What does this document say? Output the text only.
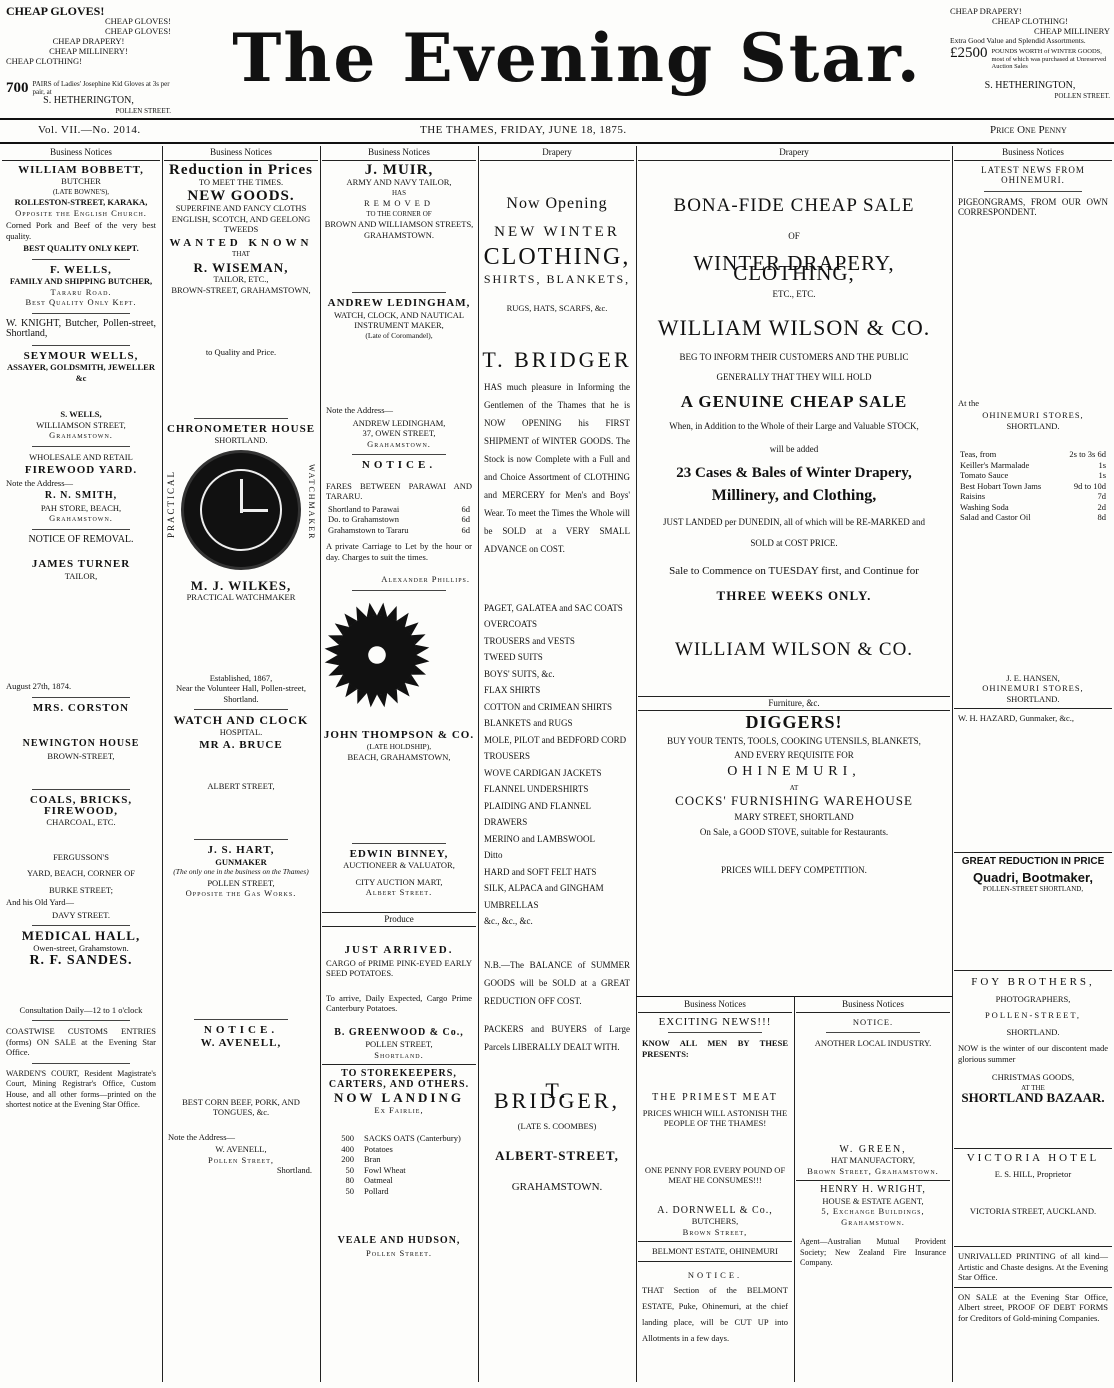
CHEAP GLOVES!
CHEAP GLOVES!
CHEAP GLOVES!
CHEAP DRAPERY!
CHEAP MILLINERY!
CHEAP CLOTHING!
700 PAIRS of Ladies' Josephine Kid Gloves at 3s per pair, at
S. HETHERINGTON,
POLLEN STREET.
The Evening Star.
CHEAP DRAPERY!
CHEAP CLOTHING!
CHEAP MILLINERY
Extra Good Value and Splendid Assortments.
£2500 POUNDS WORTH of WINTER GOODS, most of which was purchased at Unreserved Auction Sales
S. HETHERINGTON,
POLLEN STREET.
Vol. VII.—No. 2014.	THE THAMES, FRIDAY, JUNE 18, 1875.	Price One Penny
Business Notices
WILLIAM BOBBETT,
BUTCHER
(LATE BOWNE'S),
ROLLESTON-STREET, KARAKA,
Opposite the English Church.
Corned Pork and Beef of the very best quality.
BEST QUALITY ONLY KEPT.
F. WELLS,
FAMILY AND SHIPPING BUTCHER,
Tararu Road.
Best Quality Only Kept.
W. KNIGHT, Butcher, Pollen-street, Shortland,
SEYMOUR WELLS,
ASSAYER, GOLDSMITH, JEWELLER &c
S. WELLS,
WILLIAMSON STREET,
Grahamstown.
WHOLESALE AND RETAIL
FIREWOOD YARD.
Note the Address—
R. N. SMITH,
PAH STORE, BEACH,
Grahamstown.
NOTICE OF REMOVAL.
JAMES TURNER
TAILOR,
August 27th, 1874.
MRS. CORSTON
NEWINGTON HOUSE
BROWN-STREET,
COALS, BRICKS, FIREWOOD,
CHARCOAL, ETC.
FERGUSSON'S
YARD, BEACH, CORNER OF
BURKE STREET;
And his Old Yard—
DAVY STREET.
MEDICAL HALL,
Owen-street, Grahamstown.
R. F. SANDES.
Consultation Daily—12 to 1 o'clock
COASTWISE CUSTOMS ENTRIES (forms) ON SALE at the Evening Star Office.
WARDEN'S COURT, Resident Magistrate's Court, Mining Registrar's Office, Custom House, and all other forms—printed on the shortest notice at the Evening Star Office.
Business Notices
Reduction in Prices
TO MEET THE TIMES.
NEW GOODS.
SUPERFINE AND FANCY CLOTHS
ENGLISH, SCOTCH, AND GEELONG TWEEDS
WANTED KNOWN
THAT
R. WISEMAN,
TAILOR, ETC.,
BROWN-STREET, GRAHAMSTOWN,
to Quality and Price.
CHRONOMETER HOUSE
SHORTLAND.
PRACTICAL	WATCHMAKER
M. J. WILKES,
PRACTICAL WATCHMAKER
Established, 1867,
Near the Volunteer Hall, Pollen-street, Shortland.
WATCH AND CLOCK
HOSPITAL.
MR A. BRUCE
ALBERT STREET,
J. S. HART,
GUNMAKER
(The only one in the business on the Thames)
POLLEN STREET,
Opposite the Gas Works.
NOTICE.
W. AVENELL,
BEST CORN BEEF, PORK, AND TONGUES, &c.
Note the Address—
W. AVENELL,
Pollen Street,
Shortland.
Business Notices
J. MUIR,
ARMY AND NAVY TAILOR,
HAS
REMOVED
TO THE CORNER OF
BROWN AND WILLIAMSON STREETS,
GRAHAMSTOWN.
ANDREW LEDINGHAM,
WATCH, CLOCK, AND NAUTICAL INSTRUMENT MAKER,
(Late of Coromandel),
Note the Address—
ANDREW LEDINGHAM,
37, OWEN STREET,
Grahamstown.
NOTICE.
FARES BETWEEN PARAWAI AND TARARU.
Shortland to Parawai	6d
Do. to Grahamstown	6d
Grahamstown to Tararu	6d
A private Carriage to Let by the hour or day. Charges to suit the times.
Alexander Phillips.
JOHN THOMPSON & CO.
(LATE HOLDSHIP),
BEACH, GRAHAMSTOWN,
EDWIN BINNEY,
AUCTIONEER & VALUATOR,
CITY AUCTION MART,
Albert Street.
Produce
JUST ARRIVED.
CARGO of PRIME PINK-EYED EARLY SEED POTATOES.
To arrive, Daily Expected, Cargo Prime Canterbury Potatoes.
B. GREENWOOD & Co.,
POLLEN STREET,
Shortland.
TO STOREKEEPERS, CARTERS, AND OTHERS.
NOW LANDING
Ex Fairlie,
500 SACKS OATS (Canterbury)
400 Potatoes
200 Bran
50 Fowl Wheat
80 Oatmeal
50 Pollard
VEALE AND HUDSON,
Pollen Street.
Drapery
Now Opening
NEW WINTER
CLOTHING,
SHIRTS, BLANKETS,
RUGS, HATS, SCARFS, &c.
T. BRIDGER
HAS much pleasure in Informing the Gentlemen of the Thames that he is NOW OPENING his FIRST SHIPMENT of WINTER GOODS. The Stock is now Complete with a Full and and Choice Assortment of CLOTHING and MERCERY for Men's and Boys' Wear. To meet the Times the Whole will be SOLD at a VERY SMALL ADVANCE on COST.
PAGET, GALATEA and SAC COATS
OVERCOATS
TROUSERS and VESTS
TWEED SUITS
BOYS' SUITS, &c.
FLAX SHIRTS
COTTON and CRIMEAN SHIRTS
BLANKETS and RUGS
MOLE, PILOT and BEDFORD CORD TROUSERS
WOVE CARDIGAN JACKETS
FLANNEL UNDERSHIRTS
PLAIDING AND FLANNEL DRAWERS
MERINO and LAMBSWOOL
Ditto
HARD and SOFT FELT HATS
SILK, ALPACA and GINGHAM UMBRELLAS
&c., &c., &c.
N.B.—The BALANCE of SUMMER GOODS will be SOLD at a GREAT REDUCTION OFF COST.
PACKERS and BUYERS of Large Parcels LIBERALLY DEALT WITH.
T. BRIDGER,
(LATE S. COOMBES)
ALBERT-STREET,
GRAHAMSTOWN.
Drapery
BONA-FIDE CHEAP SALE
OF
WINTER DRAPERY, CLOTHING,
ETC., ETC.
WILLIAM WILSON & CO.
BEG TO INFORM THEIR CUSTOMERS AND THE PUBLIC
GENERALLY THAT THEY WILL HOLD
A GENUINE CHEAP SALE
When, in Addition to the Whole of their Large and Valuable STOCK,
will be added
23 Cases & Bales of Winter Drapery,
Millinery, and Clothing,
JUST LANDED per DUNEDIN, all of which will be RE-MARKED and
SOLD at COST PRICE.
Sale to Commence on TUESDAY first, and Continue for
THREE WEEKS ONLY.
WILLIAM WILSON & CO.
Furniture, &c.
DIGGERS!
BUY YOUR TENTS, TOOLS, COOKING UTENSILS, BLANKETS,
AND EVERY REQUISITE FOR
OHINEMURI,
AT
COCKS' FURNISHING WAREHOUSE
MARY STREET, SHORTLAND
On Sale, a GOOD STOVE, suitable for Restaurants.
PRICES WILL DEFY COMPETITION.
Business Notices
EXCITING NEWS!!!
KNOW ALL MEN BY THESE PRESENTS:
THE PRIMEST MEAT
PRICES WHICH WILL ASTONISH THE PEOPLE OF THE THAMES!
ONE PENNY FOR EVERY POUND OF MEAT HE CONSUMES!!!
A. DORNWELL & Co.,
BUTCHERS,
Brown Street,
BELMONT ESTATE, OHINEMURI
NOTICE.
THAT Section of the BELMONT ESTATE, Puke, Ohinemuri, at the chief landing place, will be CUT UP into Allotments in a few days.
Business Notices
NOTICE.
ANOTHER LOCAL INDUSTRY.
W. GREEN,
HAT MANUFACTORY,
Brown Street, Grahamstown.
HENRY H. WRIGHT,
HOUSE & ESTATE AGENT,
5, Exchange Buildings,
Grahamstown.
Agent—Australian Mutual Provident Society; New Zealand Fire Insurance Company.
Business Notices
LATEST NEWS FROM OHINEMURI.
PIGEONGRAMS, FROM OUR OWN CORRESPONDENT.
At the
OHINEMURI STORES,
SHORTLAND.
Teas, from	2s to 3s 6d
Keiller's Marmalade	1s
Tomato Sauce	1s
Best Hobart Town Jams	9d to 10d
Raisins	7d
Washing Soda	2d
Salad and Castor Oil	8d
J. E. HANSEN,
OHINEMURI STORES,
SHORTLAND.
W. H. HAZARD, Gunmaker, &c.,
GREAT REDUCTION IN PRICE
Quadri, Bootmaker,
POLLEN-STREET SHORTLAND,
FOY BROTHERS,
PHOTOGRAPHERS,
POLLEN-STREET,
SHORTLAND.
NOW is the winter of our discontent made glorious summer
CHRISTMAS GOODS,
AT THE
SHORTLAND BAZAAR.
VICTORIA HOTEL
E. S. HILL, Proprietor
VICTORIA STREET, AUCKLAND.
UNRIVALLED PRINTING of all kind—Artistic and Chaste designs. At the Evening Star Office.
ON SALE at the Evening Star Office, Albert street, PROOF OF DEBT FORMS for Creditors of Gold-mining Companies.
